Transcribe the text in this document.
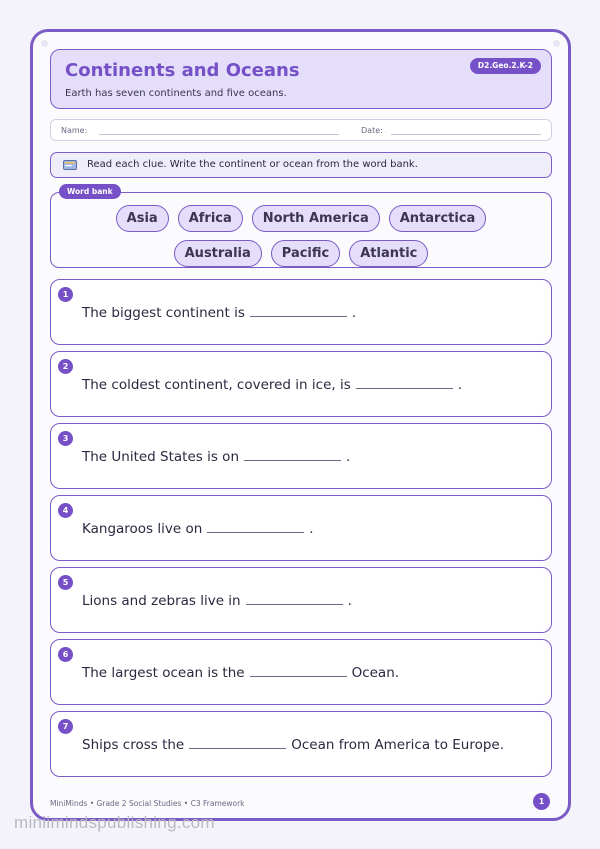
Continents and Oceans
Earth has seven continents and five oceans.
D2.Geo.2.K-2
Name:	Date:
Read each clue. Write the continent or ocean from the word bank.
Word bank
Asia	Africa	North America	Antarctica
Australia	Pacific	Atlantic
1
The biggest continent is	.
2
The coldest continent, covered in ice, is	.
3
The United States is on	.
4
Kangaroos live on	.
5
Lions and zebras live in	.
6
The largest ocean is the	Ocean.
7
Ships cross the	Ocean from America to Europe.
MiniMinds • Grade 2 Social Studies • C3 Framework	1
miniimindspublishing.com
